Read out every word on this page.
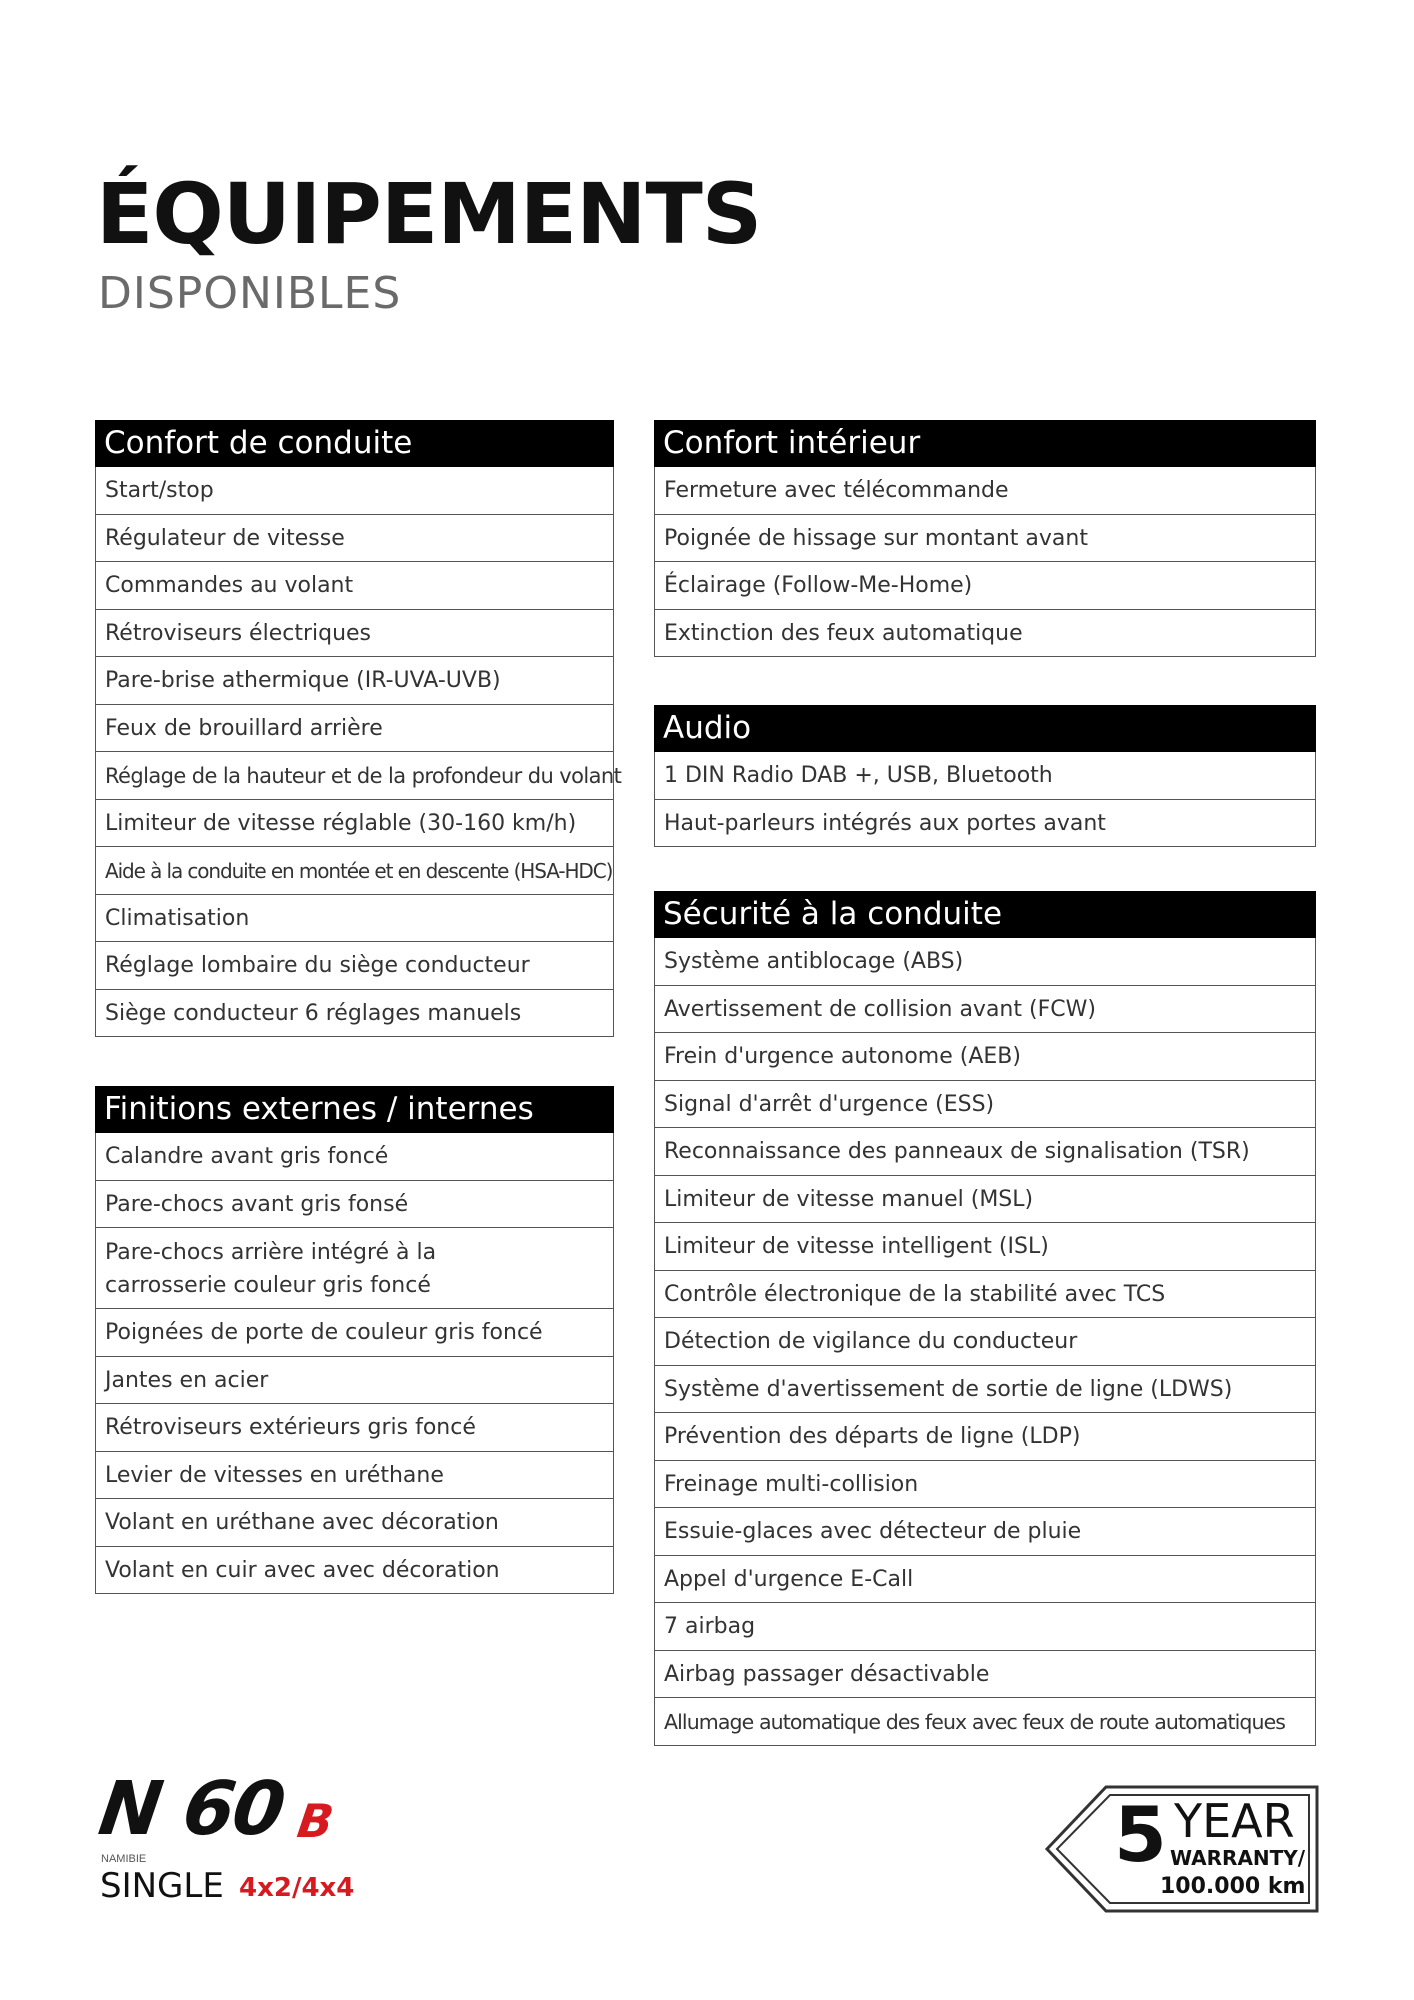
ÉQUIPEMENTS
DISPONIBLES
Confort de conduite
Start/stop
Régulateur de vitesse
Commandes au volant
Rétroviseurs électriques
Pare-brise athermique (IR-UVA-UVB)
Feux de brouillard arrière
Réglage de la hauteur et de la profondeur du volant
Limiteur de vitesse réglable (30-160 km/h)
Aide à la conduite en montée et en descente (HSA-HDC)
Climatisation
Réglage lombaire du siège conducteur
Siège conducteur 6 réglages manuels
Finitions externes / internes
Calandre avant gris foncé
Pare-chocs avant gris fonsé
Pare-chocs arrière intégré à la carrosserie couleur gris foncé
Poignées de porte de couleur gris foncé
Jantes en acier
Rétroviseurs extérieurs gris foncé
Levier de vitesses en uréthane
Volant en uréthane avec décoration
Volant en cuir avec avec décoration
Confort intérieur
Fermeture avec télécommande
Poignée de hissage sur montant avant
Éclairage (Follow-Me-Home)
Extinction des feux automatique
Audio
1 DIN Radio DAB +, USB, Bluetooth
Haut-parleurs intégrés aux portes avant
Sécurité à la conduite
Système antiblocage (ABS)
Avertissement de collision avant (FCW)
Frein d'urgence autonome (AEB)
Signal d'arrêt d'urgence (ESS)
Reconnaissance des panneaux de signalisation (TSR)
Limiteur de vitesse manuel (MSL)
Limiteur de vitesse intelligent (ISL)
Contrôle électronique de la stabilité avec TCS
Détection de vigilance du conducteur
Système d'avertissement de sortie de ligne (LDWS)
Prévention des départs de ligne (LDP)
Freinage multi-collision
Essuie-glaces avec détecteur de pluie
Appel d'urgence E-Call
7 airbag
Airbag passager désactivable
Allumage automatique des feux avec feux de route automatiques
N 60 B
NAMIBIE
SINGLE 4x2/4x4
5 YEAR
WARRANTY/
100.000 km
